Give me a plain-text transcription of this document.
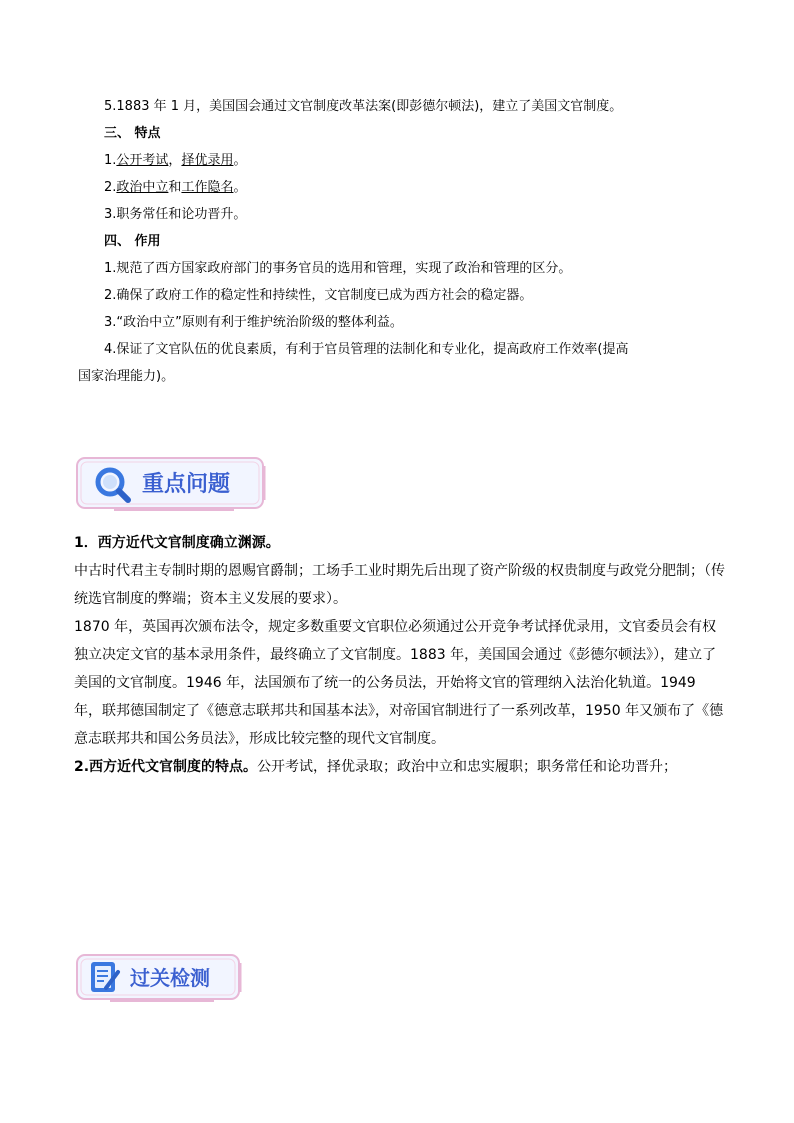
5.1883 年 1 月，美国国会通过文官制度改革法案(即彭德尔顿法)，建立了美国文官制度。

三、 特点

1.公开考试，择优录用。

2.政治中立和工作隐名。

3.职务常任和论功晋升。

四、 作用

1.规范了西方国家政府部门的事务官员的选用和管理，实现了政治和管理的区分。

2.确保了政府工作的稳定性和持续性，文官制度已成为西方社会的稳定器。

3.“政治中立”原则有利于维护统治阶级的整体利益。

4.保证了文官队伍的优良素质，有利于官员管理的法制化和专业化，提高政府工作效率(提高

国家治理能力)。

重点问题

1．西方近代文官制度确立渊源。

中古时代君主专制时期的恩赐官爵制；工场手工业时期先后出现了资产阶级的权贵制度与政党分肥制；（传统选官制度的弊端；资本主义发展的要求）。

1870 年，英国再次颁布法令，规定多数重要文官职位必须通过公开竞争考试择优录用，文官委员会有权独立决定文官的基本录用条件，最终确立了文官制度。1883 年，美国国会通过《彭德尔顿法》），建立了美国的文官制度。1946 年，法国颁布了统一的公务员法，开始将文官的管理纳入法治化轨道。1949 年，联邦德国制定了《德意志联邦共和国基本法》，对帝国官制进行了一系列改革，1950 年又颁布了《德意志联邦共和国公务员法》，形成比较完整的现代文官制度。

2.西方近代文官制度的特点。公开考试，择优录取；政治中立和忠实履职；职务常任和论功晋升；

过关检测
